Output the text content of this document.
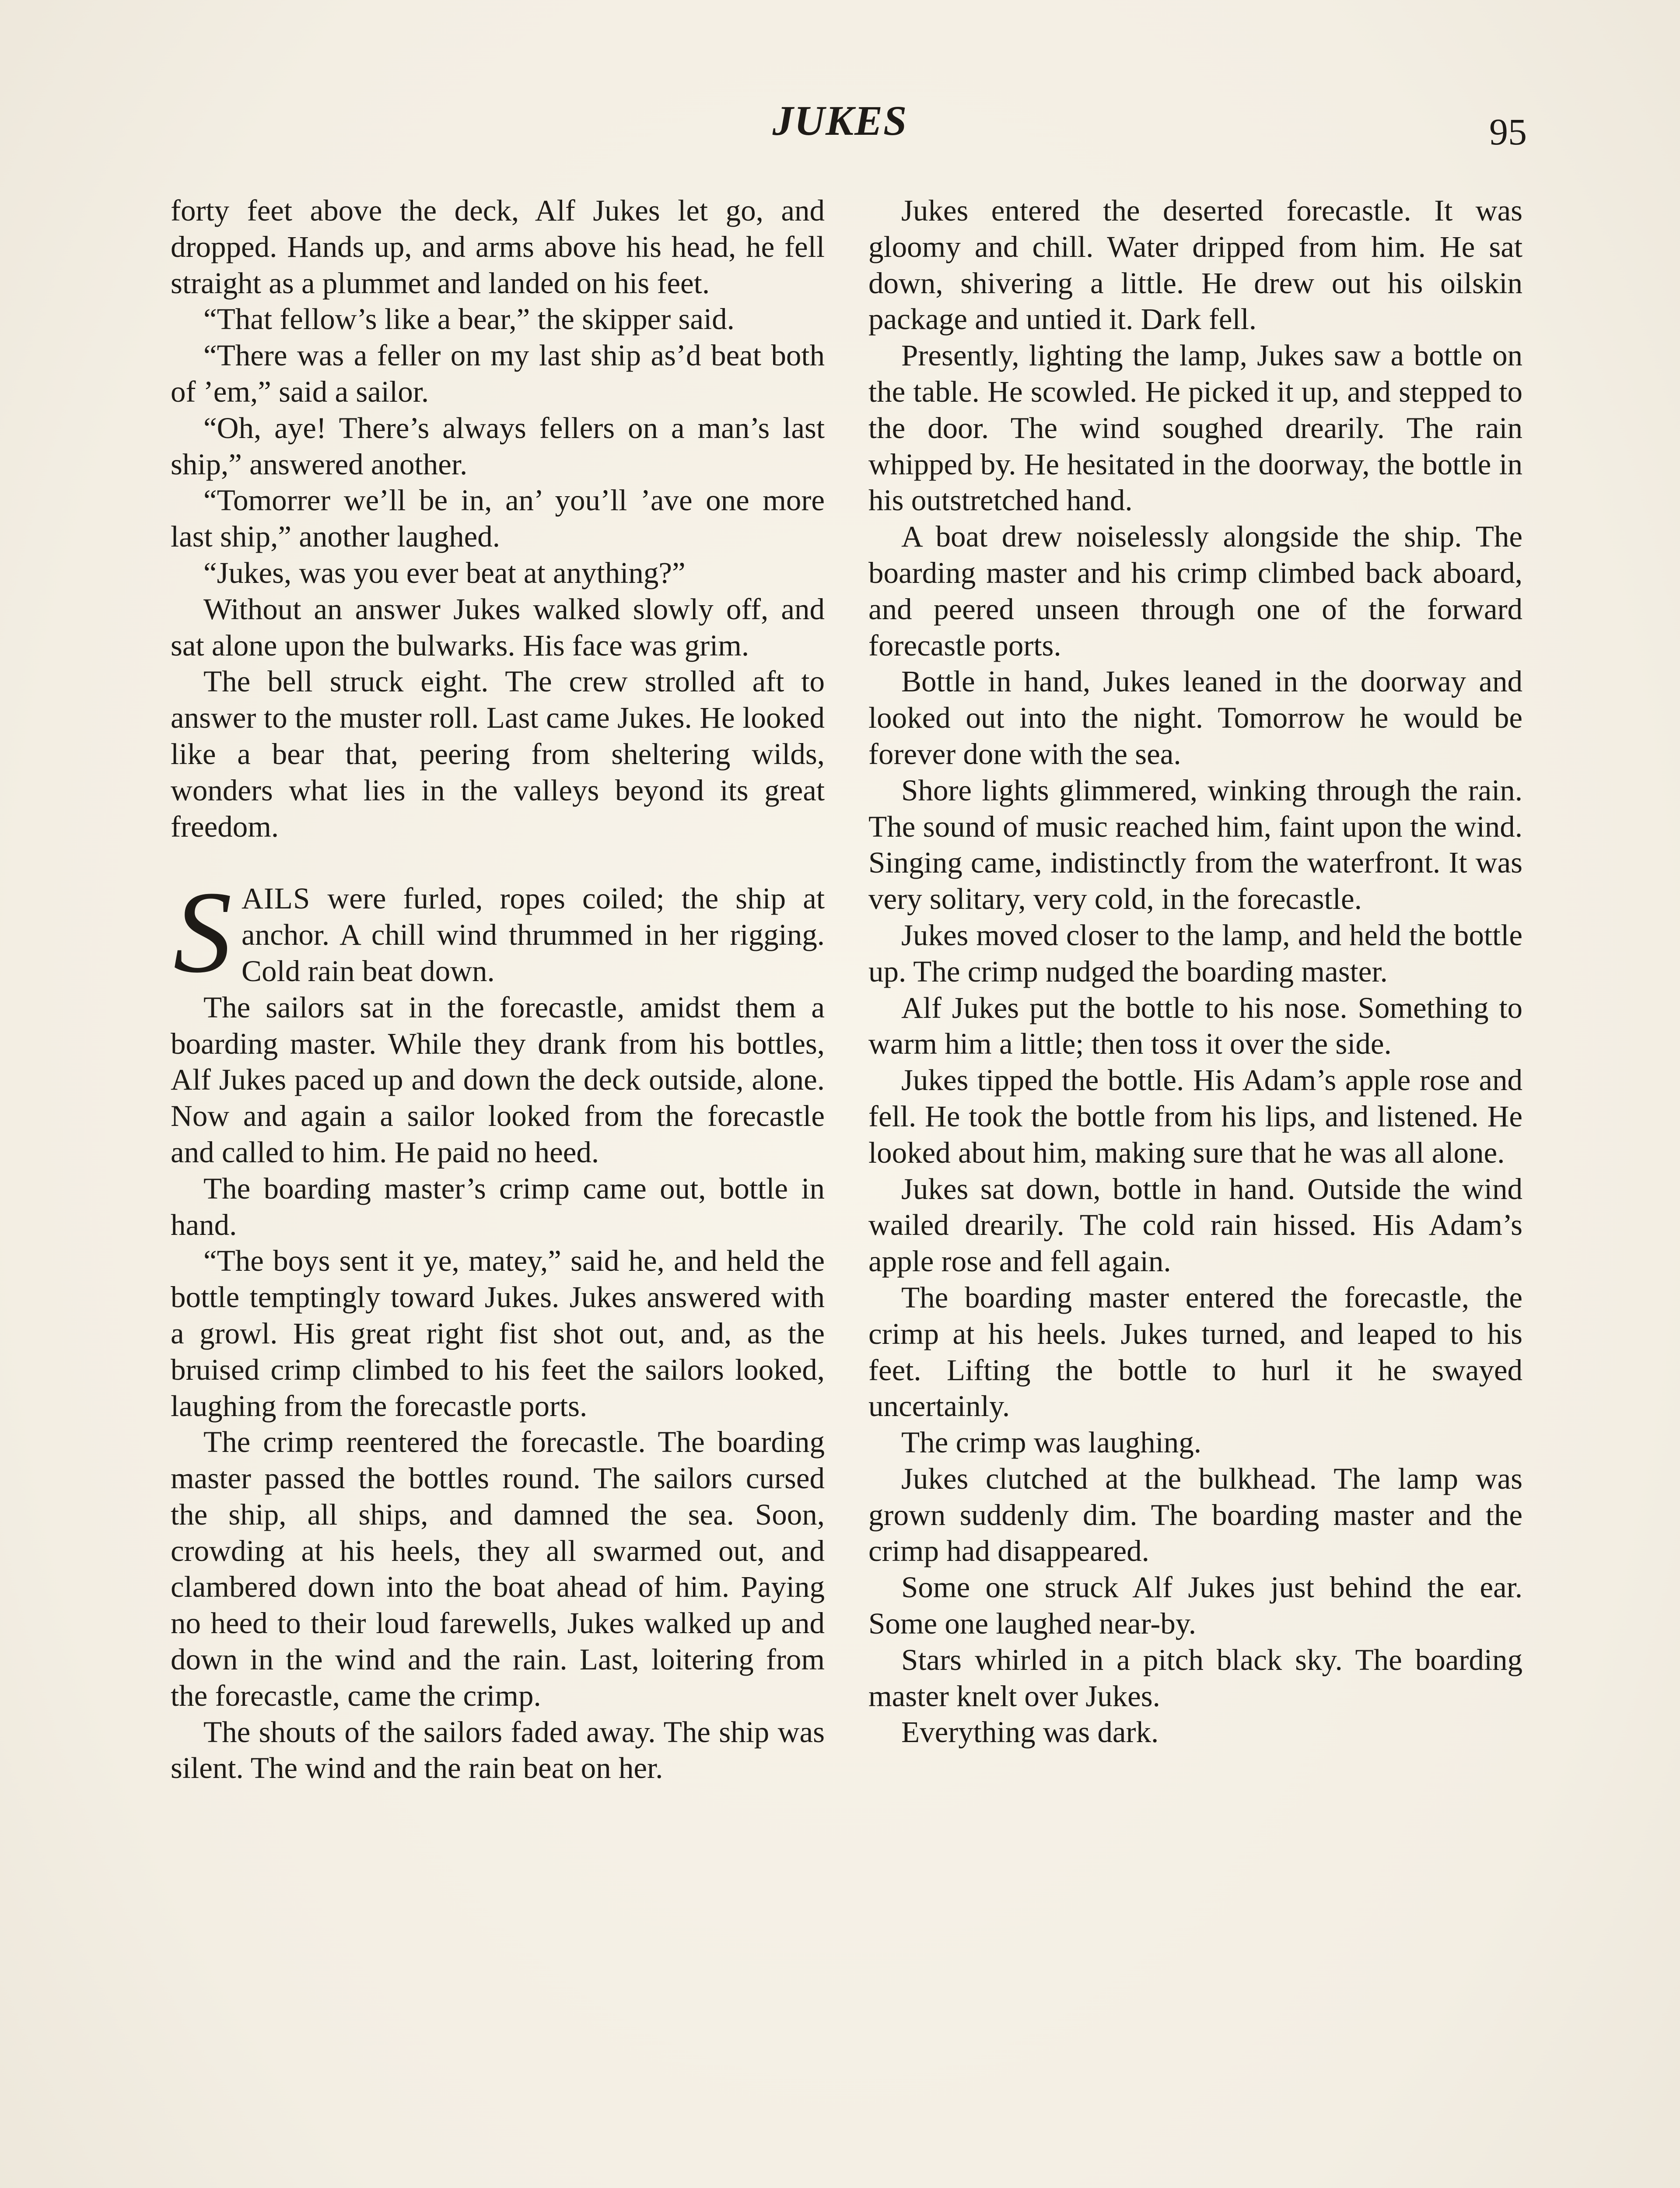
JUKES	95

forty feet above the deck, Alf Jukes let go, and dropped. Hands up, and arms above his head, he fell straight as a plummet and landed on his feet.

“That fellow’s like a bear,” the skipper said.

“There was a feller on my last ship as’d beat both of ’em,” said a sailor.

“Oh, aye! There’s always fellers on a man’s last ship,” answered another.

“Tomorrer we’ll be in, an’ you’ll ’ave one more last ship,” another laughed.

“Jukes, was you ever beat at anything?”

Without an answer Jukes walked slowly off, and sat alone upon the bulwarks. His face was grim.

The bell struck eight. The crew strolled aft to answer to the muster roll. Last came Jukes. He looked like a bear that, peering from sheltering wilds, wonders what lies in the valleys beyond its great freedom.

SAILS were furled, ropes coiled; the ship at anchor. A chill wind thrummed in her rigging. Cold rain beat down.

The sailors sat in the forecastle, amidst them a boarding master. While they drank from his bottles, Alf Jukes paced up and down the deck outside, alone. Now and again a sailor looked from the forecastle and called to him. He paid no heed.

The boarding master’s crimp came out, bottle in hand.

“The boys sent it ye, matey,” said he, and held the bottle temptingly toward Jukes. Jukes answered with a growl. His great right fist shot out, and, as the bruised crimp climbed to his feet the sailors looked, laughing from the forecastle ports.

The crimp reentered the forecastle. The boarding master passed the bottles round. The sailors cursed the ship, all ships, and damned the sea. Soon, crowding at his heels, they all swarmed out, and clambered down into the boat ahead of him. Paying no heed to their loud farewells, Jukes walked up and down in the wind and the rain. Last, loitering from the forecastle, came the crimp.

The shouts of the sailors faded away. The ship was silent. The wind and the rain beat on her.

Jukes entered the deserted forecastle. It was gloomy and chill. Water dripped from him. He sat down, shivering a little. He drew out his oilskin package and untied it. Dark fell.

Presently, lighting the lamp, Jukes saw a bottle on the table. He scowled. He picked it up, and stepped to the door. The wind soughed drearily. The rain whipped by. He hesitated in the doorway, the bottle in his outstretched hand.

A boat drew noiselessly alongside the ship. The boarding master and his crimp climbed back aboard, and peered unseen through one of the forward forecastle ports.

Bottle in hand, Jukes leaned in the doorway and looked out into the night. Tomorrow he would be forever done with the sea.

Shore lights glimmered, winking through the rain. The sound of music reached him, faint upon the wind. Singing came, indistinctly from the waterfront. It was very solitary, very cold, in the forecastle.

Jukes moved closer to the lamp, and held the bottle up. The crimp nudged the boarding master.

Alf Jukes put the bottle to his nose. Something to warm him a little; then toss it over the side.

Jukes tipped the bottle. His Adam’s apple rose and fell. He took the bottle from his lips, and listened. He looked about him, making sure that he was all alone.

Jukes sat down, bottle in hand. Outside the wind wailed drearily. The cold rain hissed. His Adam’s apple rose and fell again.

The boarding master entered the forecastle, the crimp at his heels. Jukes turned, and leaped to his feet. Lifting the bottle to hurl it he swayed uncertainly.

The crimp was laughing.

Jukes clutched at the bulkhead. The lamp was grown suddenly dim. The boarding master and the crimp had disappeared.

Some one struck Alf Jukes just behind the ear. Some one laughed near-by.

Stars whirled in a pitch black sky. The boarding master knelt over Jukes.

Everything was dark.
